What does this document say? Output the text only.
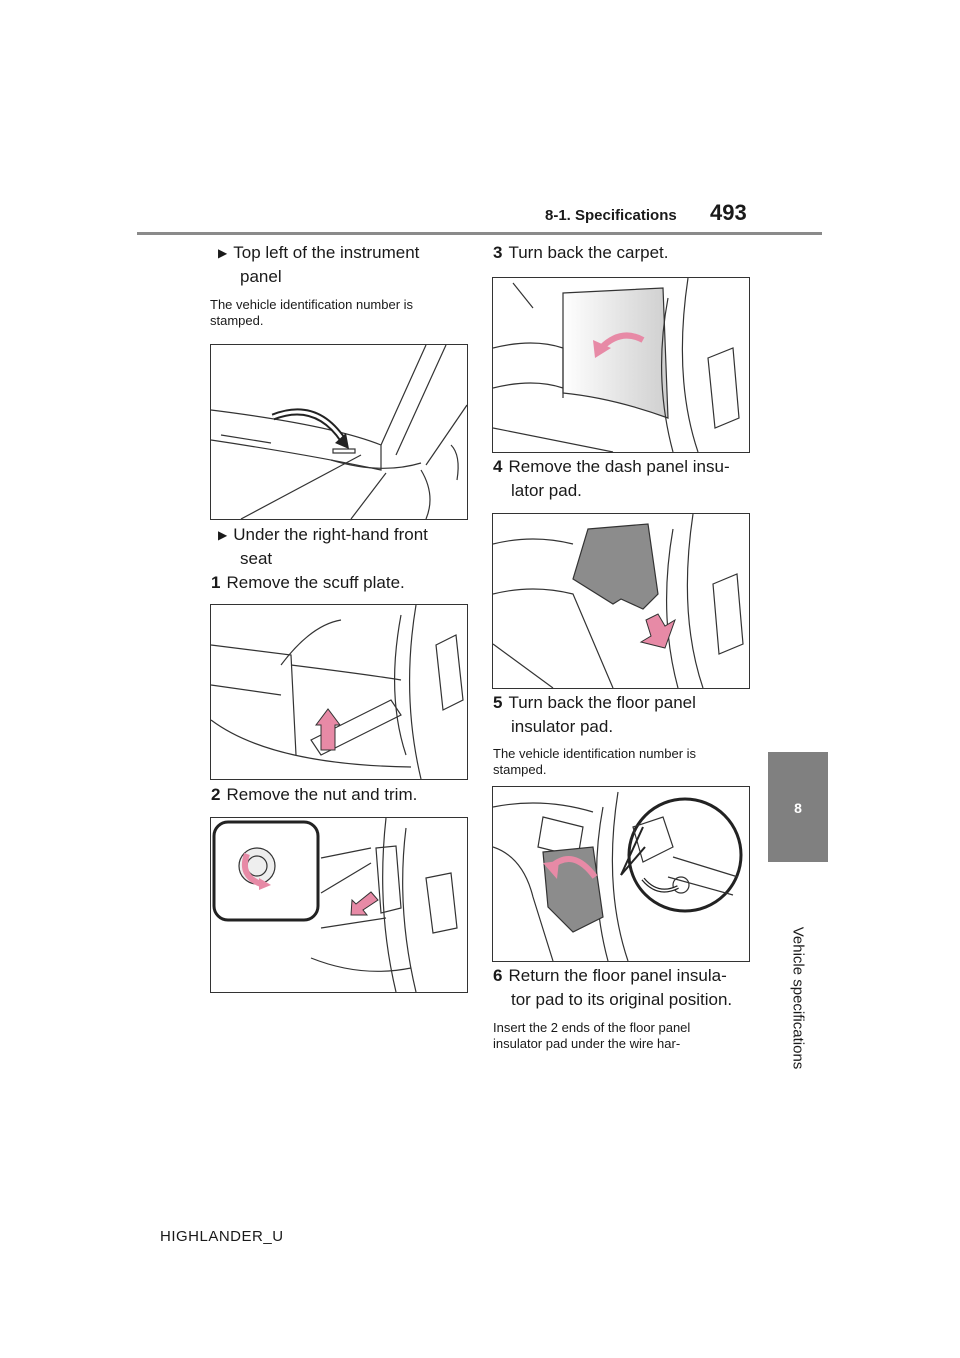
8-1. Specifications 493
8
Vehicle specifications
▶ Top left of the instrument
panel
The vehicle identification number is
stamped.
▶ Under the right-hand front
seat
1 Remove the scuff plate.
2 Remove the nut and trim.
3 Turn back the carpet.
4 Remove the dash panel insu-
lator pad.
5 Turn back the floor panel
insulator pad.
The vehicle identification number is
stamped.
6 Return the floor panel insula-
tor pad to its original position.
Insert the 2 ends of the floor panel
insulator pad under the wire har-
HIGHLANDER_U
